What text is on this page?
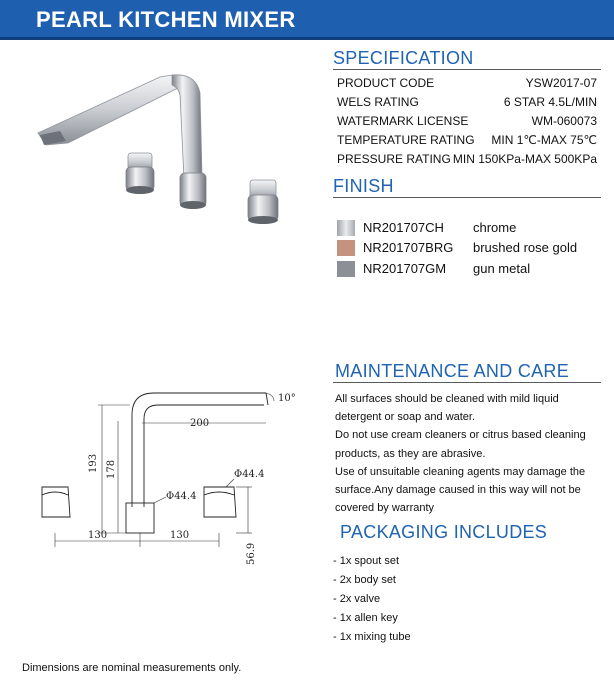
PEARL KITCHEN MIXER
10°
200
193 178
Φ44.4
Φ44.4
130	130
56.9
SPECIFICATION
PRODUCT CODE	YSW2017-07
WELS RATING	6 STAR 4.5L/MIN
WATERMARK LICENSE	WM-060073
TEMPERATURE RATING MIN 1℃-MAX 75℃
PRESSURE RATING MIN 150KPa-MAX 500KPa
FINISH
NR201707CH chrome
NR201707BRG brushed rose gold
NR201707GM gun metal
MAINTENANCE AND CARE

All surfaces should be cleaned with mild liquid

detergent or soap and water.

Do not use cream cleaners or citrus based cleaning

products, as they are abrasive.

Use of unsuitable cleaning agents may damage the

surface.Any damage caused in this way will not be

covered by warranty

PACKAGING INCLUDES
- 1x spout set
- 2x body set
- 2x valve
- 1x allen key
- 1x mixing tube
Dimensions are nominal measurements only.
